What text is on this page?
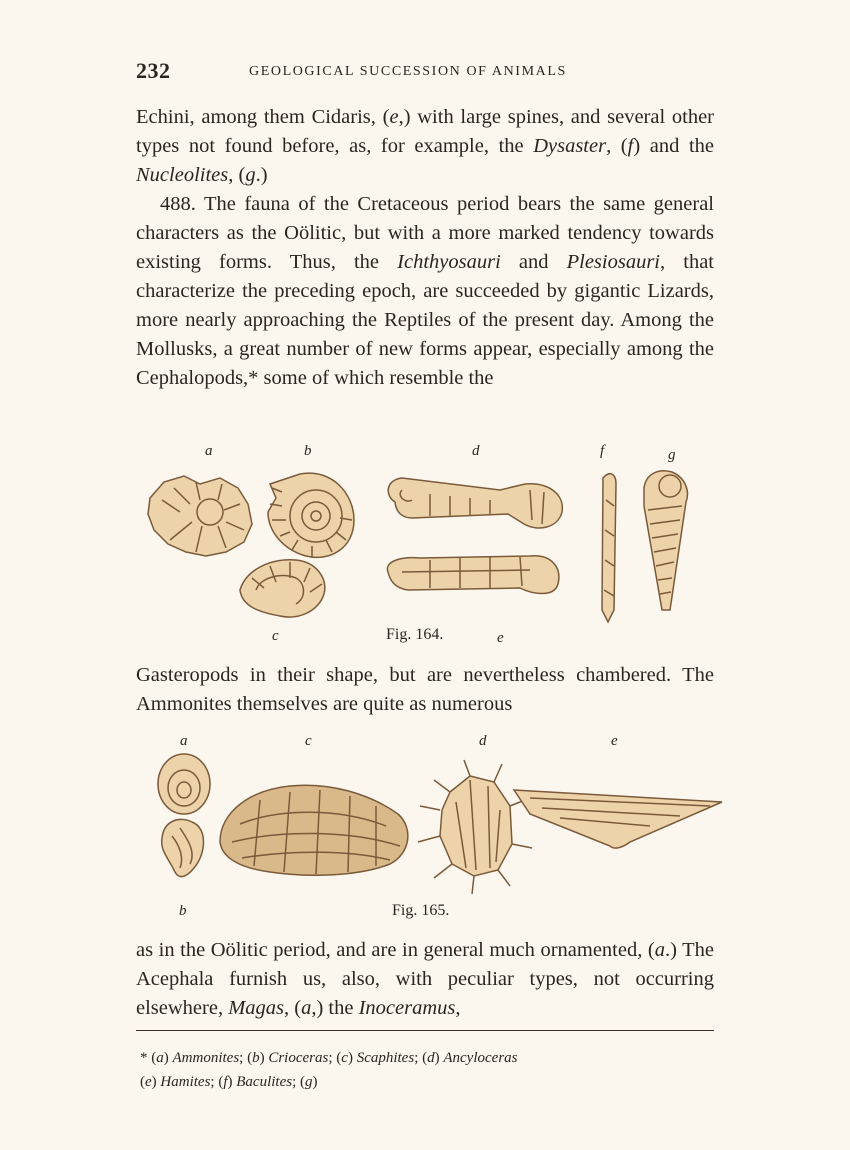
232	GEOLOGICAL SUCCESSION OF ANIMALS

Echini, among them Cidaris, (e,) with large spines, and several other types not found before, as, for example, the Dysaster, (f) and the Nucleolites, (g.)

488. The fauna of the Cretaceous period bears the same general characters as the Oölitic, but with a more marked tendency towards existing forms. Thus, the Ichthyosauri and Plesiosauri, that characterize the preceding epoch, are succeeded by gigantic Lizards, more nearly approaching the Reptiles of the present day. Among the Mollusks, a great number of new forms appear, especially among the Cephalopods,* some of which resemble the

a	b	d	f	g
c	Fig. 164.	e

Gasteropods in their shape, but are nevertheless chambered. The Ammonites themselves are quite as numerous

a	c	d	e
b	Fig. 165.

as in the Oölitic period, and are in general much ornamented, (a.) The Acephala furnish us, also, with peculiar types, not occurring elsewhere, Magas, (a,) the Inoceramus,

* (a) Ammonites; (b) Crioceras; (c) Scaphites; (d) Ancyloceras

(e) Hamites; (f) Baculites; (g)
